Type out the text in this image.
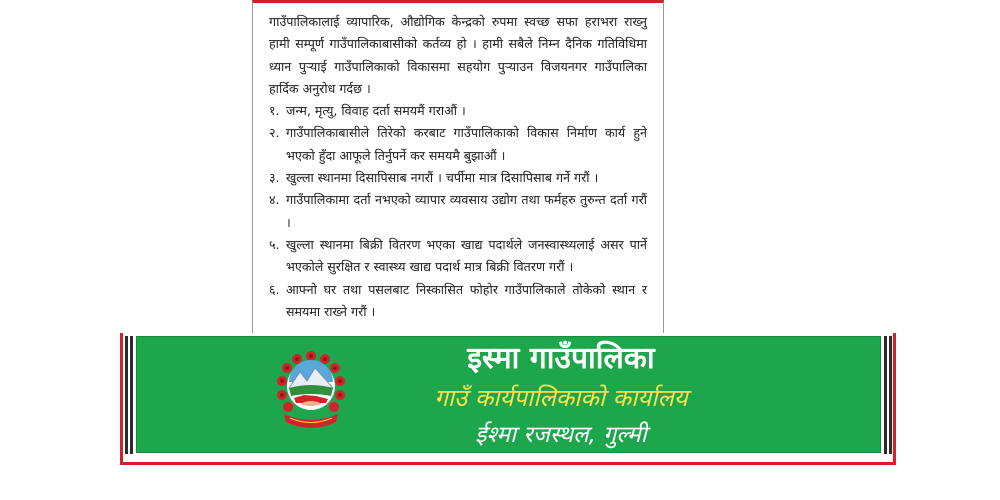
गाउँपालिकालाई व्यापारिक, औद्योगिक केन्द्रको रुपमा स्वच्छ सफा हराभरा राख्नु हामी सम्पूर्ण गाउँपालिकाबासीको कर्तव्य हो । हामी सबैले निम्न दैनिक गतिविधिमा ध्यान पुऱ्याई गाउँपालिकाको विकासमा सहयोग पुऱ्याउन विजयनगर गाउँपालिका हार्दिक अनुरोध गर्दछ ।

१. जन्म, मृत्यु, विवाह दर्ता समयमैं गराऔं ।
२. गाउँपालिकाबासीले तिरेको करबाट गाउँपालिकाको विकास निर्माण कार्य हुने भएको हुँदा आफूले तिर्नुपर्ने कर समयमै बुझाऔं ।
३. खुल्ला स्थानमा दिसापिसाब नगरौं । चर्पीमा मात्र दिसापिसाब गर्ने गरौं ।
४. गाउँपालिकामा दर्ता नभएको व्यापार व्यवसाय उद्योग तथा फर्महरु तुरुन्त दर्ता गरौं ।
५. खुल्ला स्थानमा बिक्री वितरण भएका खाद्य पदार्थले जनस्वास्थ्यलाई असर पार्ने भएकोले सुरक्षित र स्वास्थ्य खाद्य पदार्थ मात्र बिक्री वितरण गरौं ।
६. आफ्नो घर तथा पसलबाट निस्कासित फोहोर गाउँपालिकाले तोकेको स्थान र समयमा राख्ने गरौं ।
इस्मा गाउँपालिका
गाउँ कार्यपालिकाको कार्यालय
ईश्मा रजस्थल, गुल्मी
